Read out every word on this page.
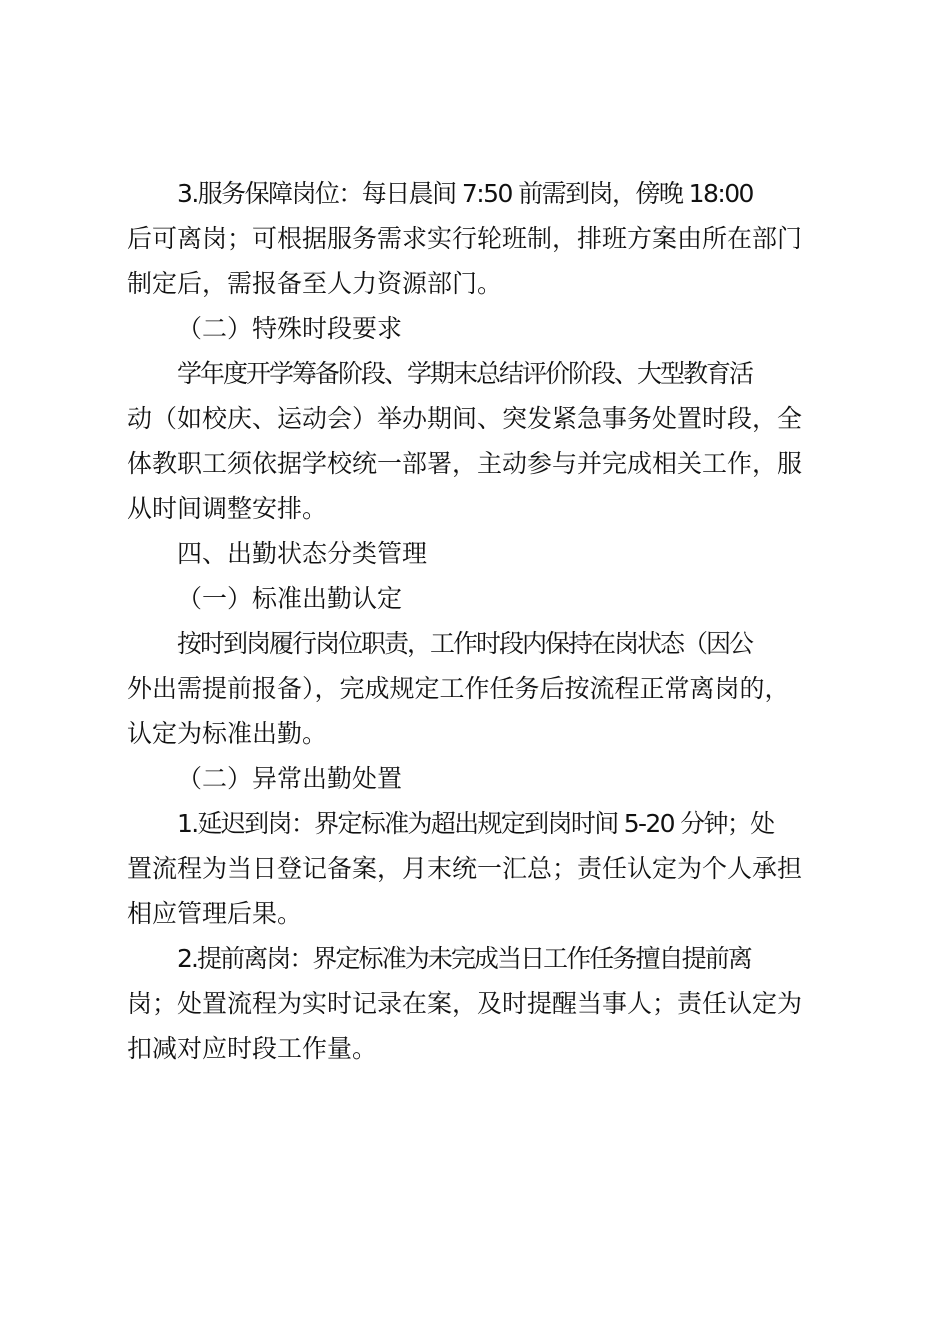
3.服务保障岗位：每日晨间 7:50 前需到岗，傍晚 18:00
后可离岗；可根据服务需求实行轮班制，排班方案由所在部门
制定后，需报备至人力资源部门。

（二）特殊时段要求

学年度开学筹备阶段、学期末总结评价阶段、大型教育活
动（如校庆、运动会）举办期间、突发紧急事务处置时段，全
体教职工须依据学校统一部署，主动参与并完成相关工作，服
从时间调整安排。

四、出勤状态分类管理

（一）标准出勤认定

按时到岗履行岗位职责，工作时段内保持在岗状态（因公
外出需提前报备），完成规定工作任务后按流程正常离岗的，
认定为标准出勤。

（二）异常出勤处置

1.延迟到岗：界定标准为超出规定到岗时间 5-20 分钟；处
置流程为当日登记备案，月末统一汇总；责任认定为个人承担
相应管理后果。
2.提前离岗：界定标准为未完成当日工作任务擅自提前离
岗；处置流程为实时记录在案，及时提醒当事人；责任认定为
扣减对应时段工作量。
